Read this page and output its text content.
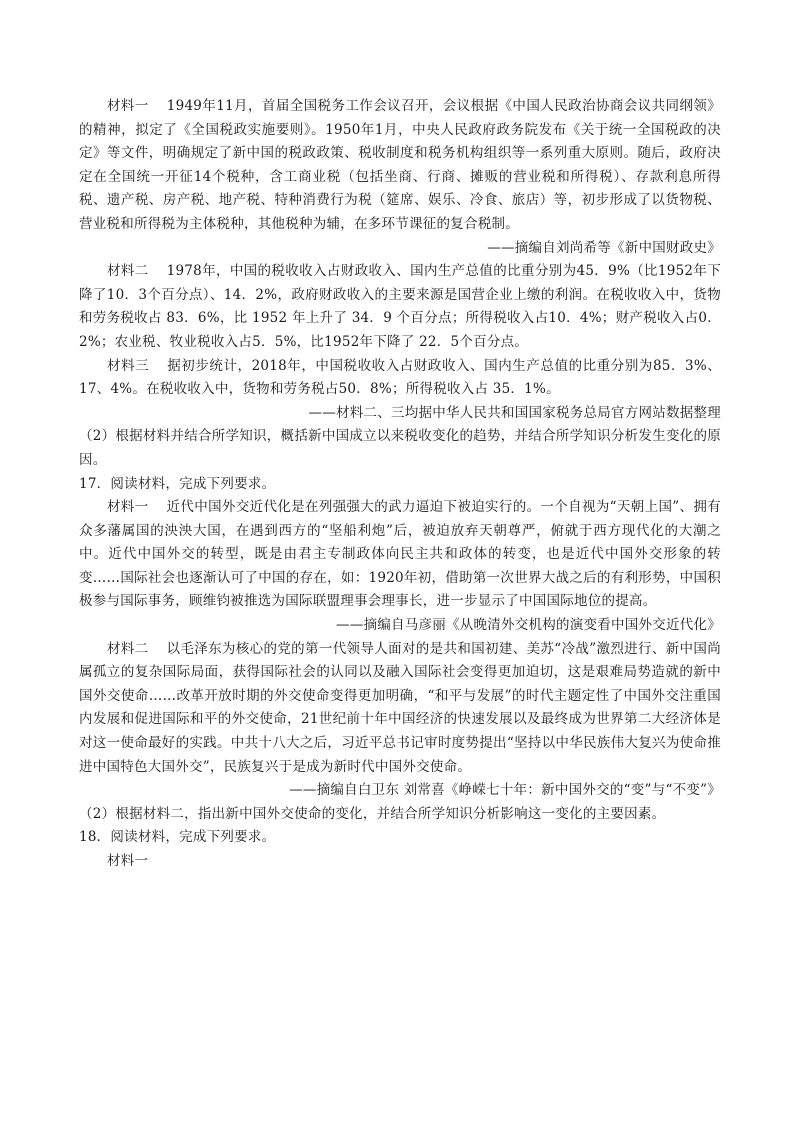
材料一 1949年11月，首届全国税务工作会议召开，会议根据《中国人民政治协商会议共同纲领》的精神，拟定了《全国税政实施要则》。1950年1月，中央人民政府政务院发布《关于统一全国税政的决定》等文件，明确规定了新中国的税政政策、税收制度和税务机构组织等一系列重大原则。随后，政府决定在全国统一开征14个税种，含工商业税（包括坐商、行商、摊贩的营业税和所得税）、存款利息所得税、遗产税、房产税、地产税、特种消费行为税（筵席、娱乐、冷食、旅店）等，初步形成了以货物税、营业税和所得税为主体税种，其他税种为辅，在多环节课征的复合税制。

——摘编自刘尚希等《新中国财政史》

材料二 1978年，中国的税收收入占财政收入、国内生产总值的比重分别为45．9%（比1952年下降了10．3个百分点）、14．2%，政府财政收入的主要来源是国营企业上缴的利润。在税收收入中，货物和劳务税收占 83．6%，比 1952 年上升了 34．9 个百分点；所得税收入占10．4%；财产税收入占0．2%；农业税、牧业税收入占5．5%，比1952年下降了 22．5个百分点。

材料三 据初步统计，2018年，中国税收收入占财政收入、国内生产总值的比重分别为85．3%、17、4%。在税收收入中，货物和劳务税占50．8%；所得税收入占 35．1%。

——材料二、三均据中华人民共和国国家税务总局官方网站数据整理

（2）根据材料并结合所学知识，概括新中国成立以来税收变化的趋势，并结合所学知识分析发生变化的原因。

17．阅读材料，完成下列要求。

材料一 近代中国外交近代化是在列强强大的武力逼迫下被迫实行的。一个自视为“天朝上国”、拥有众多藩属国的泱泱大国，在遇到西方的“坚船利炮”后，被迫放弃天朝尊严，俯就于西方现代化的大潮之中。近代中国外交的转型，既是由君主专制政体向民主共和政体的转变，也是近代中国外交形象的转变……国际社会也逐渐认可了中国的存在，如：1920年初，借助第一次世界大战之后的有利形势，中国积极参与国际事务，顾维钧被推选为国际联盟理事会理事长，进一步显示了中国国际地位的提高。

——摘编自马彦丽《从晚清外交机构的演变看中国外交近代化》

材料二 以毛泽东为核心的党的第一代领导人面对的是共和国初建、美苏“冷战”激烈进行、新中国尚属孤立的复杂国际局面，获得国际社会的认同以及融入国际社会变得更加迫切，这是艰难局势造就的新中国外交使命……改革开放时期的外交使命变得更加明确，“和平与发展”的时代主题定性了中国外交注重国内发展和促进国际和平的外交使命，21世纪前十年中国经济的快速发展以及最终成为世界第二大经济体是对这一使命最好的实践。中共十八大之后，习近平总书记审时度势提出“坚持以中华民族伟大复兴为使命推进中国特色大国外交”，民族复兴于是成为新时代中国外交使命。

——摘编自白卫东 刘常喜《峥嵘七十年：新中国外交的“变”与“不变”》

（2）根据材料二，指出新中国外交使命的变化，并结合所学知识分析影响这一变化的主要因素。

18．阅读材料，完成下列要求。

材料一
